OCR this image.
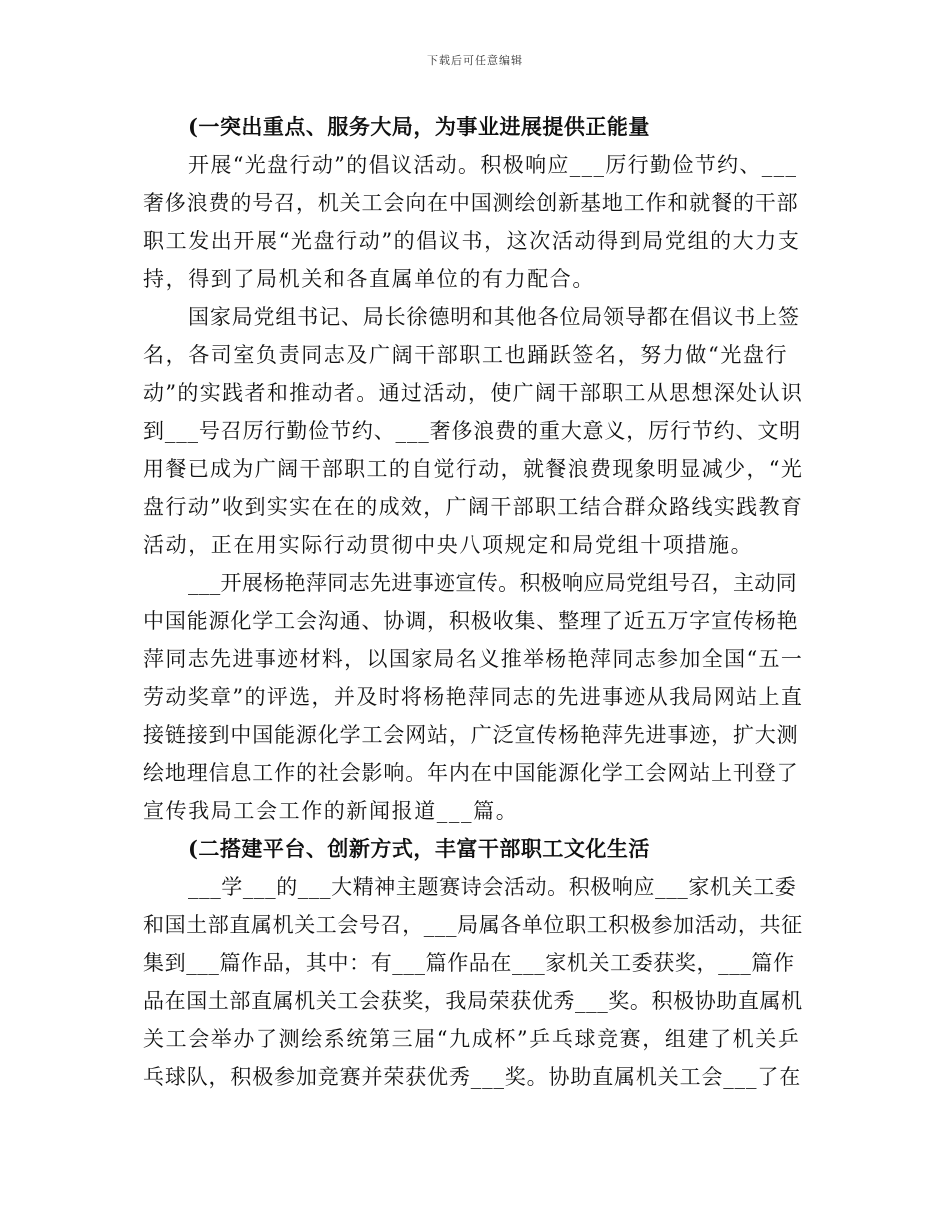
下载后可任意编辑
(一突出重点、服务大局，为事业进展提供正能量
开展“光盘行动”的倡议活动。积极响应___厉行勤俭节约、___
奢侈浪费的号召，机关工会向在中国测绘创新基地工作和就餐的干部
职工发出开展“光盘行动”的倡议书，这次活动得到局党组的大力支
持，得到了局机关和各直属单位的有力配合。
国家局党组书记、局长徐德明和其他各位局领导都在倡议书上签
名，各司室负责同志及广阔干部职工也踊跃签名，努力做“光盘行
动”的实践者和推动者。通过活动，使广阔干部职工从思想深处认识
到___号召厉行勤俭节约、___奢侈浪费的重大意义，厉行节约、文明
用餐已成为广阔干部职工的自觉行动，就餐浪费现象明显减少，“光
盘行动”收到实实在在的成效，广阔干部职工结合群众路线实践教育
活动，正在用实际行动贯彻中央八项规定和局党组十项措施。
___开展杨艳萍同志先进事迹宣传。积极响应局党组号召，主动同
中国能源化学工会沟通、协调，积极收集、整理了近五万字宣传杨艳
萍同志先进事迹材料，以国家局名义推举杨艳萍同志参加全国“五一
劳动奖章”的评选，并及时将杨艳萍同志的先进事迹从我局网站上直
接链接到中国能源化学工会网站，广泛宣传杨艳萍先进事迹，扩大测
绘地理信息工作的社会影响。年内在中国能源化学工会网站上刊登了
宣传我局工会工作的新闻报道___篇。
(二搭建平台、创新方式，丰富干部职工文化生活
___学___的___大精神主题赛诗会活动。积极响应___家机关工委
和国土部直属机关工会号召，___局属各单位职工积极参加活动，共征
集到___篇作品，其中：有___篇作品在___家机关工委获奖，___篇作
品在国土部直属机关工会获奖，我局荣获优秀___奖。积极协助直属机
关工会举办了测绘系统第三届“九成杯”乒乓球竞赛，组建了机关乒
乓球队，积极参加竞赛并荣获优秀___奖。协助直属机关工会___了在
